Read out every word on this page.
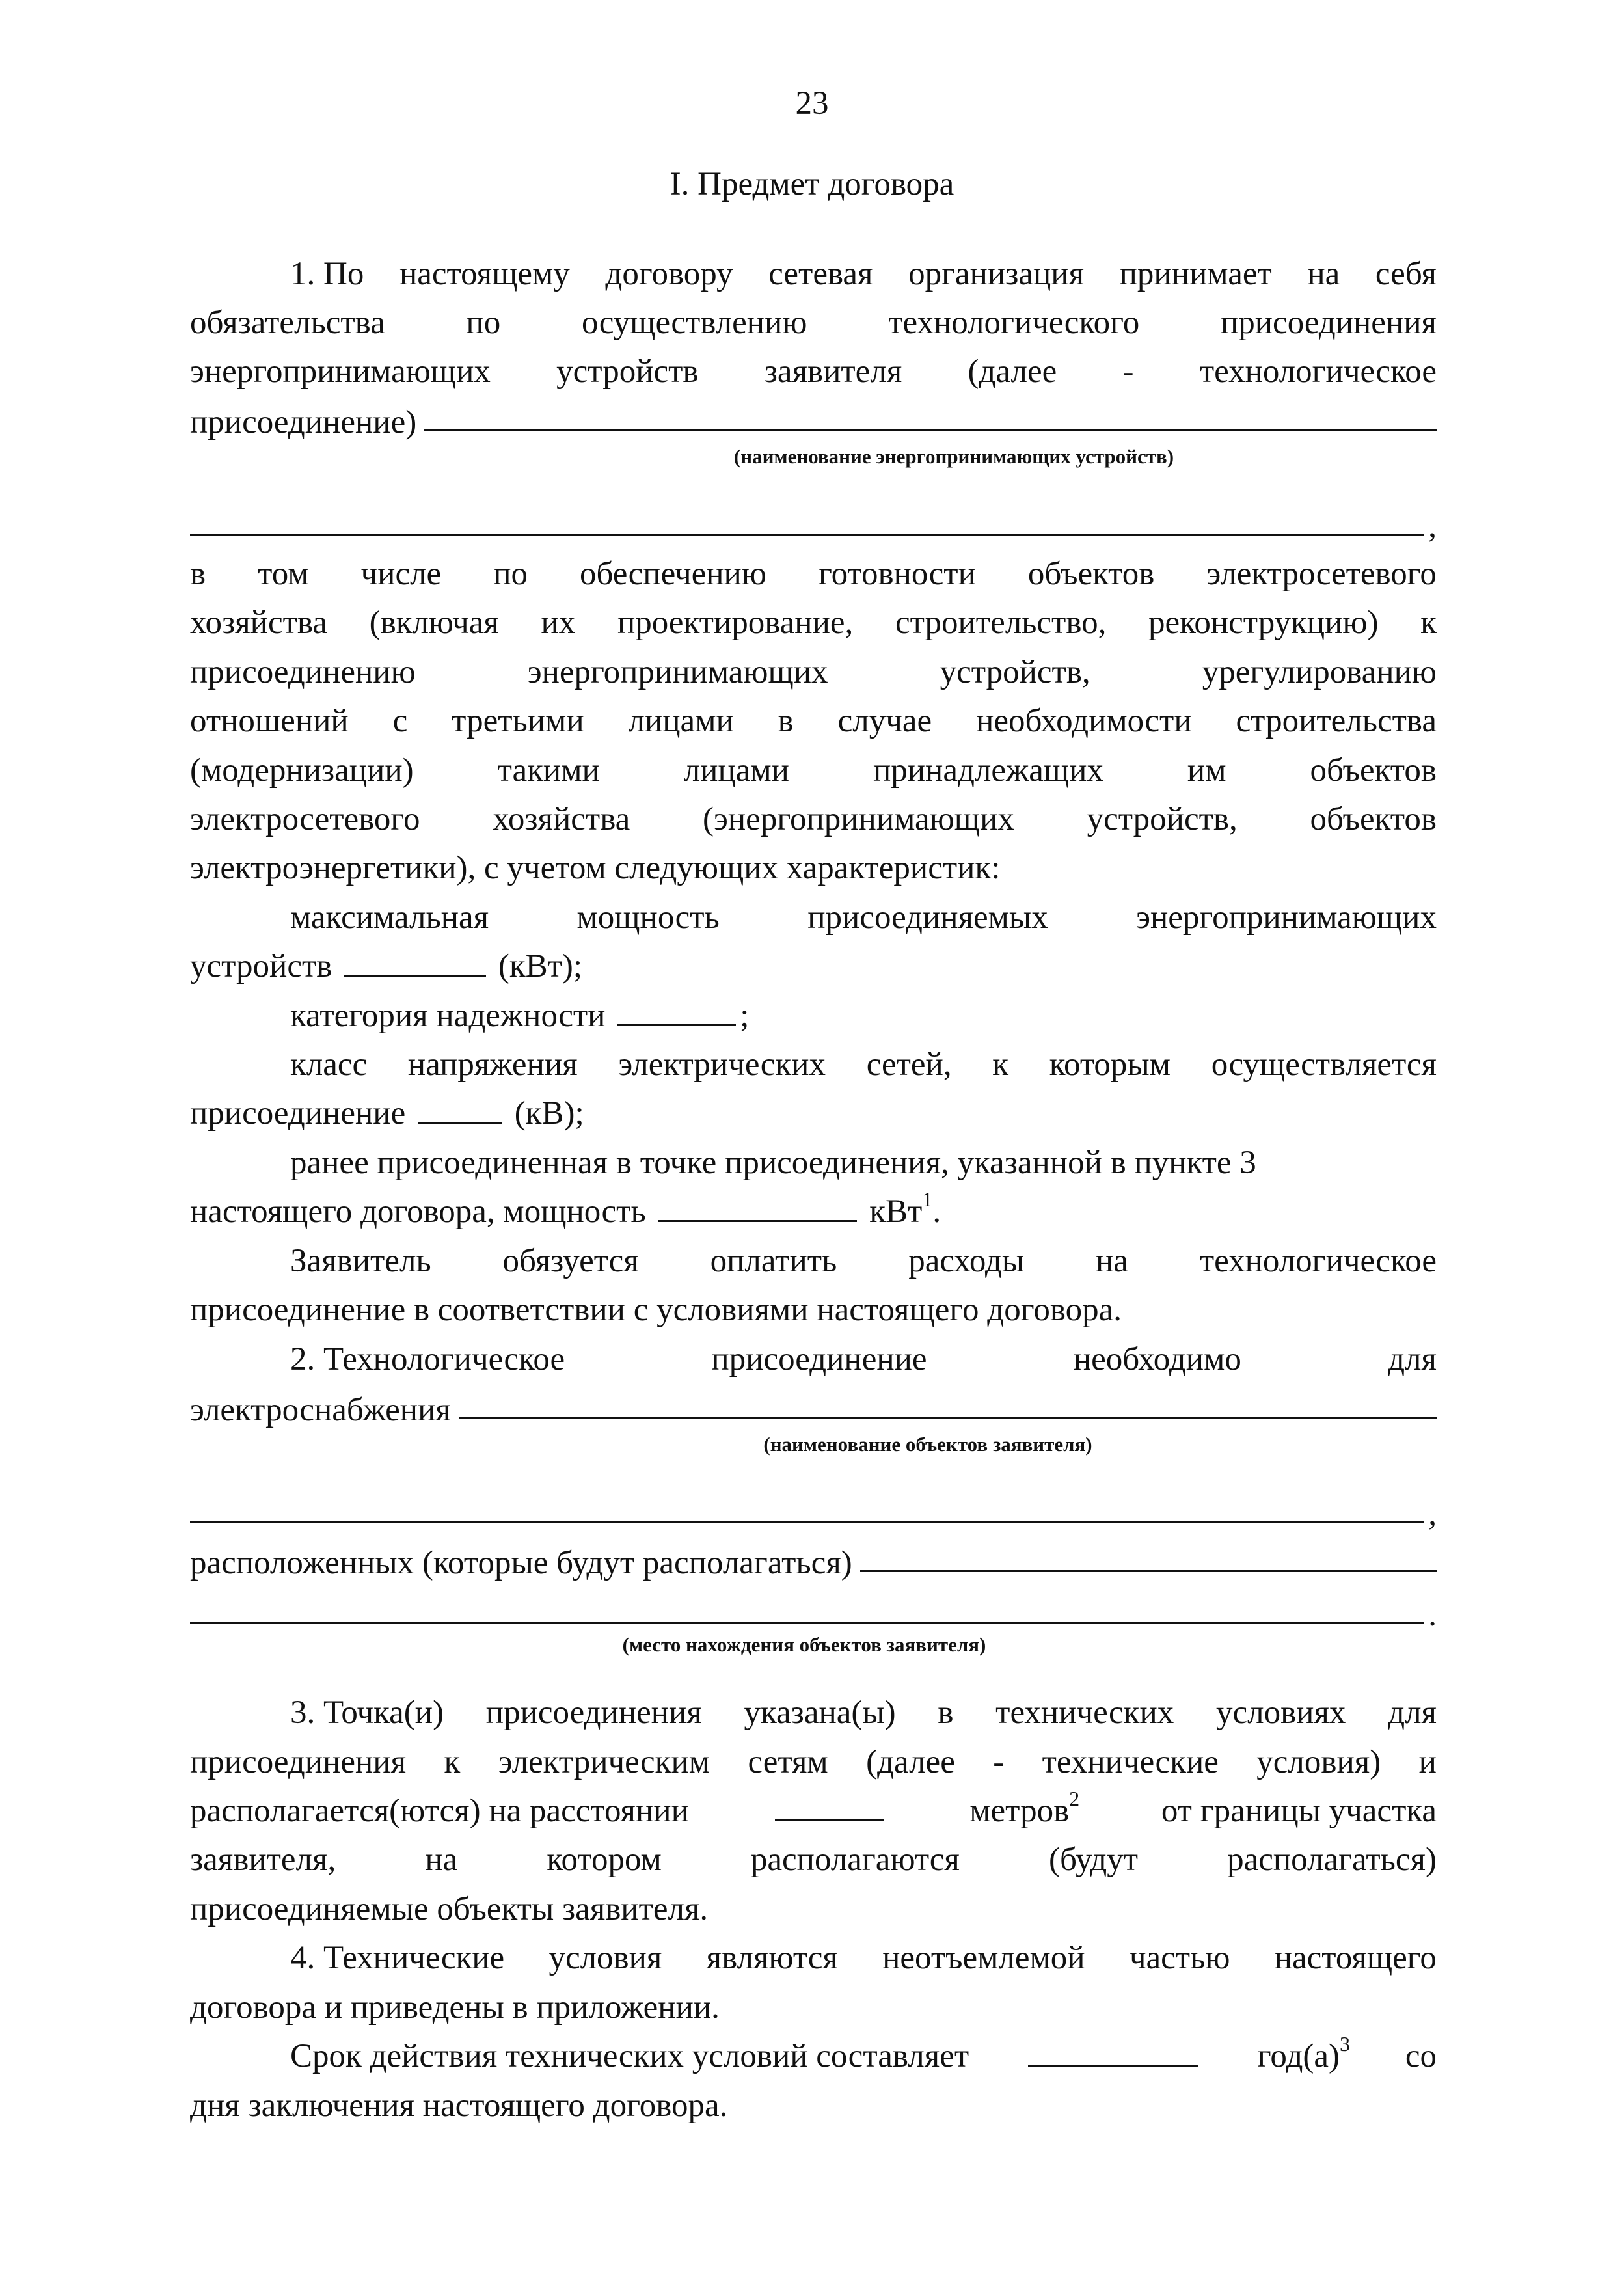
23
I. Предмет договора
1. По настоящему договору сетевая организация принимает на себя
обязательства по осуществлению технологического присоединения
энергопринимающих устройств заявителя (далее - технологическое
присоединение)
(наименование энергопринимающих устройств)
,
в том числе по обеспечению готовности объектов электросетевого
хозяйства (включая их проектирование, строительство, реконструкцию) к
присоединению	энергопринимающих	устройств,	урегулированию
отношений с третьими лицами в случае необходимости строительства
(модернизации)	такими	лицами	принадлежащих	им	объектов
электросетевого хозяйства (энергопринимающих устройств, объектов
электроэнергетики), с учетом следующих характеристик:
максимальная	мощность	присоединяемых	энергопринимающих
устройств	(кВт);
категория надежности	;
класс напряжения электрических сетей, к которым осуществляется
присоединение	(кВ);
ранее присоединенная в точке присоединения, указанной в пункте 3
настоящего договора, мощность	кВт$^1$.
Заявитель обязуется оплатить расходы на технологическое
присоединение в соответствии с условиями настоящего договора.
2. Технологическое	присоединение	необходимо	для
электроснабжения
(наименование объектов заявителя)
,
расположенных (которые будут располагаться)
.
(место нахождения объектов заявителя)
3. Точка(и) присоединения указана(ы) в технических условиях для
присоединения к электрическим сетям (далее - технические условия) и
располагается(ются) на расстоянии	метров$^2$ от границы участка
заявителя,	на	котором	располагаются	(будут	располагаться)
присоединяемые объекты заявителя.
4. Технические условия являются неотъемлемой частью настоящего
договора и приведены в приложении.
Срок действия технических условий составляет	$год(а)^3$ со
дня заключения настоящего договора.
